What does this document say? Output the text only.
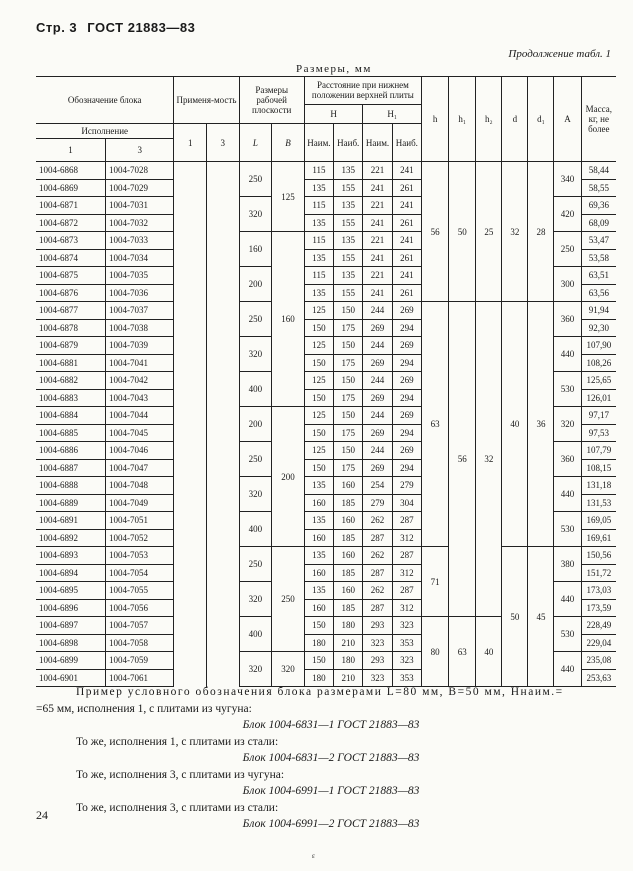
Стр. 3 ГОСТ 21883—83
Продолжение табл. 1
Размеры, мм
Обозначение блока		Применя-мость		Размеры рабочей плоскости		Расстояние при нижнем положении верхней плиты				h	h₁	h₂	d	d₁	A	Масса, кг, не более
						H		H₁								
Исполнение		1	3	L	B	Наим.	Наиб.	Наим.	Наиб.							
1	3															
1004-6868	1004-7028			250	125	115	135	221	241	56	50	25	32	28	340	58,44
1004-6869	1004-7029					135	155	241	261							58,55
1004-6871	1004-7031			320		115	135	221	241						420	69,36
1004-6872	1004-7032					135	155	241	261							68,09
1004-6873	1004-7033			160	160	115	135	221	241						250	53,47
1004-6874	1004-7034					135	155	241	261							53,58
1004-6875	1004-7035			200		115	135	221	241						300	63,51
1004-6876	1004-7036					135	155	241	261							63,56
1004-6877	1004-7037			250		125	150	244	269	63	56	32	40	36	360	91,94
1004-6878	1004-7038					150	175	269	294							92,30
1004-6879	1004-7039			320		125	150	244	269						440	107,90
1004-6881	1004-7041					150	175	269	294							108,26
1004-6882	1004-7042			400		125	150	244	269						530	125,65
1004-6883	1004-7043					150	175	269	294							126,01
1004-6884	1004-7044			200	200	125	150	244	269						320	97,17
1004-6885	1004-7045					150	175	269	294							97,53
1004-6886	1004-7046			250		125	150	244	269						360	107,79
1004-6887	1004-7047					150	175	269	294							108,15
1004-6888	1004-7048			320		135	160	254	279						440	131,18
1004-6889	1004-7049					160	185	279	304							131,53
1004-6891	1004-7051			400		135	160	262	287						530	169,05
1004-6892	1004-7052					160	185	287	312							169,61
1004-6893	1004-7053			250	250	135	160	262	287	71			50	45	380	150,56
1004-6894	1004-7054					160	185	287	312							151,72
1004-6895	1004-7055			320		135	160	262	287						440	173,03
1004-6896	1004-7056					160	185	287	312							173,59
1004-6897	1004-7057			400		150	180	293	323	80	63	40			530	228,49
1004-6898	1004-7058					180	210	323	353							229,04
1004-6899	1004-7059			320	320	150	180	293	323						440	235,08
1004-6901	1004-7061					180	210	323	353							253,63

Пример условного обозначения блока размерами L=80 мм, B=50 мм, Hнаим.=

=65 мм, исполнения 1, с плитами из чугуна:

Блок 1004-6831—1 ГОСТ 21883—83

То же, исполнения 1, с плитами из стали:

Блок 1004-6831—2 ГОСТ 21883—83

То же, исполнения 3, с плитами из чугуна:

Блок 1004-6991—1 ГОСТ 21883—83

То же, исполнения 3, с плитами из стали:

Блок 1004-6991—2 ГОСТ 21883—83

24
ɛ
